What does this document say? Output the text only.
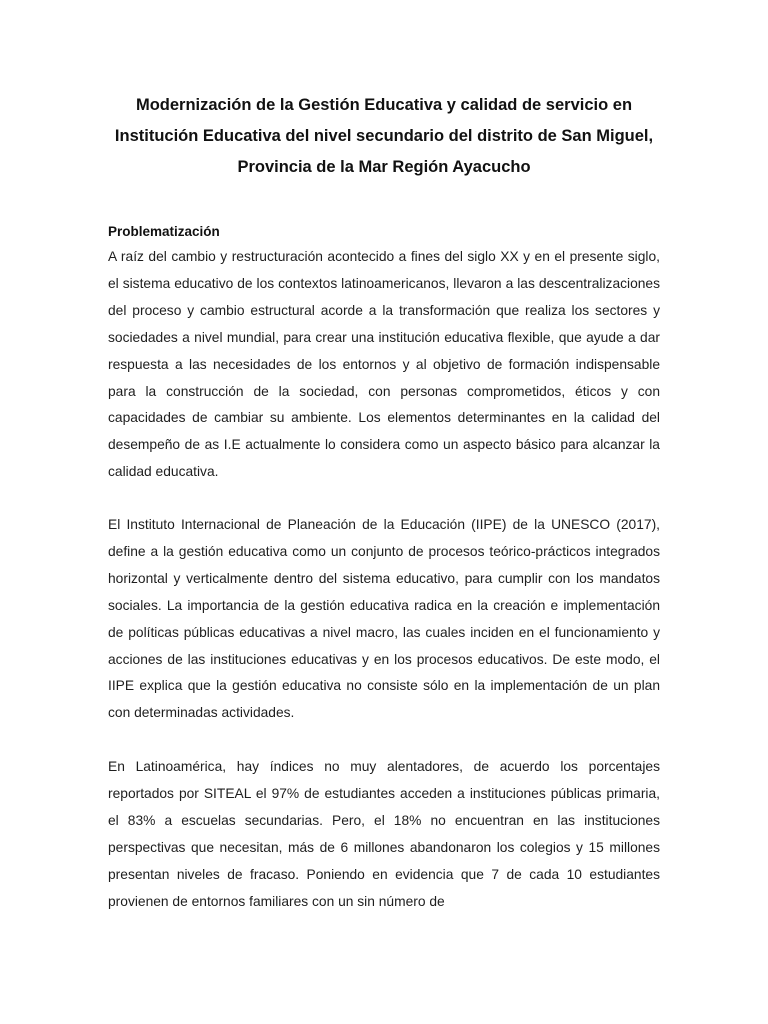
Modernización de la Gestión Educativa y calidad de servicio en Institución Educativa del nivel secundario del distrito de San Miguel, Provincia de la Mar Región Ayacucho
Problematización

A raíz del cambio y restructuración acontecido a fines del siglo XX y en el presente siglo, el sistema educativo de los contextos latinoamericanos, llevaron a las descentralizaciones del proceso y cambio estructural acorde a la transformación que realiza los sectores y sociedades a nivel mundial, para crear una institución educativa flexible, que ayude a dar respuesta a las necesidades de los entornos y al objetivo de formación indispensable para la construcción de la sociedad, con personas comprometidos, éticos y con capacidades de cambiar su ambiente. Los elementos determinantes en la calidad del desempeño de as I.E actualmente lo considera como un aspecto básico para alcanzar la calidad educativa.

El Instituto Internacional de Planeación de la Educación (IIPE) de la UNESCO (2017), define a la gestión educativa como un conjunto de procesos teórico-prácticos integrados horizontal y verticalmente dentro del sistema educativo, para cumplir con los mandatos sociales. La importancia de la gestión educativa radica en la creación e implementación de políticas públicas educativas a nivel macro, las cuales inciden en el funcionamiento y acciones de las instituciones educativas y en los procesos educativos. De este modo, el IIPE explica que la gestión educativa no consiste sólo en la implementación de un plan con determinadas actividades.

En Latinoamérica, hay índices no muy alentadores, de acuerdo los porcentajes reportados por SITEAL el 97% de estudiantes acceden a instituciones públicas primaria, el 83% a escuelas secundarias. Pero, el 18% no encuentran en las instituciones perspectivas que necesitan, más de 6 millones abandonaron los colegios y 15 millones presentan niveles de fracaso. Poniendo en evidencia que 7 de cada 10 estudiantes provienen de entornos familiares con un sin número de
